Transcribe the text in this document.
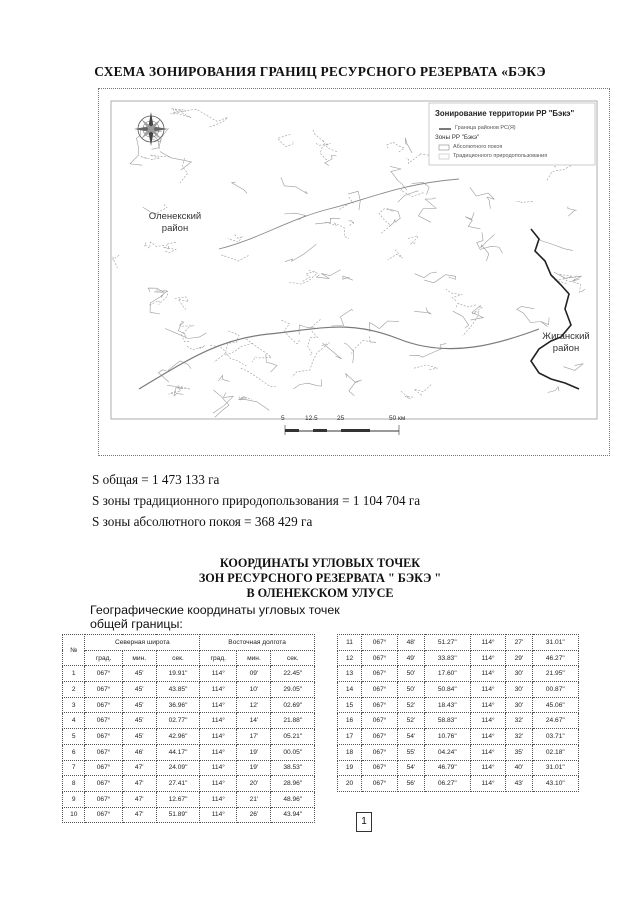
СХЕМА ЗОНИРОВАНИЯ ГРАНИЦ РЕСУРСНОГО РЕЗЕРВАТА «БЭКЭ
Зонирование территории РР "Бэкэ"
Граница районов РС(Я)
Зоны РР "Бэкэ"
Абсолютного покоя
Традиционного природопользования
Оленекский
район
Жиганский
район
5	12.5	25	50 км
S общая = 1 473 133 га
S зоны традиционного природопользования = 1 104 704 га
S зоны абсолютного покоя = 368 429 га
КООРДИНАТЫ УГЛОВЫХ ТОЧЕК
ЗОН РЕСУРСНОГО РЕЗЕРВАТА " БЭКЭ "
В ОЛЕНЕКСКОМ УЛУСЕ
Географические координаты угловых точек
общей границы:
№	Северная широта			Восточная долгота		
	град.	мин.	сек.	град.	мин.	сек.
1	067°	45'	19.91"	114°	09'	22.45"
2	067°	45'	43.85"	114°	10'	29.05"
3	067°	45'	36.96"	114°	12'	02.69"
4	067°	45'	02.77"	114°	14'	21.88"
5	067°	45'	42.96"	114°	17'	05.21"
6	067°	46'	44.17"	114°	19'	00.05"
7	067°	47'	24.09"	114°	19'	38.53"
8	067°	47'	27.41"	114°	20'	28.96"
9	067°	47'	12.67"	114°	21'	48.96"
10	067°	47'	51.89"	114°	26'	43.94"
11	067°	48'	51.27"	114°	27'	31.01"
12	067°	49'	33.83"	114°	29'	46.27"
13	067°	50'	17.60"	114°	30'	21.95"
14	067°	50'	50.84"	114°	30'	00.87"
15	067°	52'	18.43"	114°	30'	45.06"
16	067°	52'	58.83"	114°	32'	24.67"
17	067°	54'	10.76"	114°	32'	03.71"
18	067°	55'	04.24"	114°	35'	02.18"
19	067°	54'	46.79"	114°	40'	31.01"
20	067°	56'	06.27"	114°	43'	43.10"
1
